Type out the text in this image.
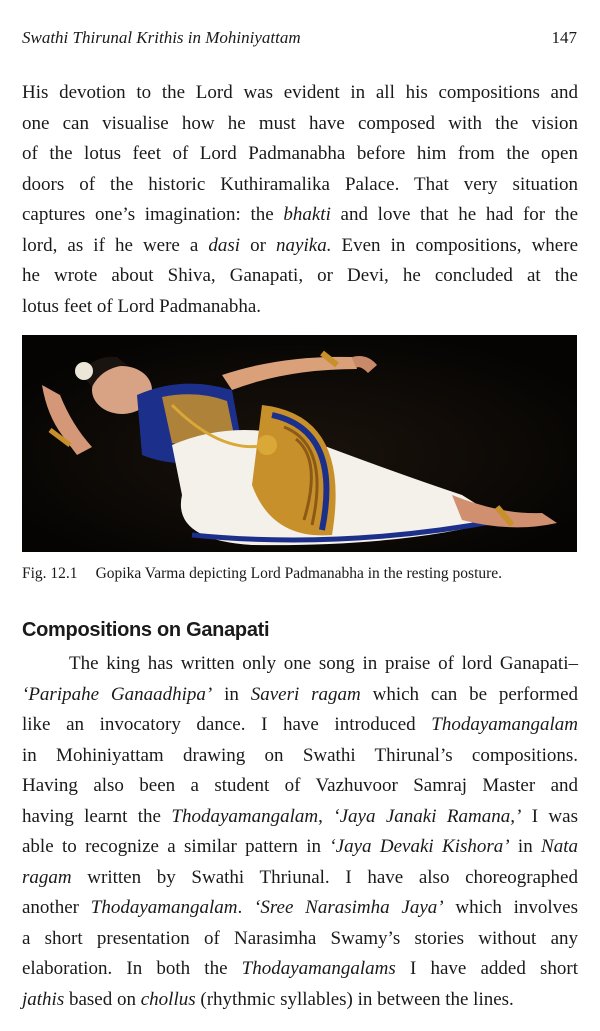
Swathi Thirunal Krithis in Mohiniyattam	147
His devotion to the Lord was evident in all his compositions and
one can visualise how he must have composed with the vision
of the lotus feet of Lord Padmanabha before him from the open
doors of the historic Kuthiramalika Palace. That very situation
captures one’s imagination: the bhakti and love that he had for the
lord, as if he were a dasi or nayika. Even in compositions, where
he wrote about Shiva, Ganapati, or Devi, he concluded at the
lotus feet of Lord Padmanabha.
Fig. 12.1 Gopika Varma depicting Lord Padmanabha in the resting posture.
Compositions on Ganapati
The king has written only one song in praise of lord Ganapati–
‘Paripahe Ganaadhipa’ in Saveri ragam which can be performed
like an invocatory dance. I have introduced Thodayamangalam
in Mohiniyattam drawing on Swathi Thirunal’s compositions.
Having also been a student of Vazhuvoor Samraj Master and
having learnt the Thodayamangalam, ‘Jaya Janaki Ramana,’ I was
able to recognize a similar pattern in ‘Jaya Devaki Kishora’ in Nata
ragam written by Swathi Thriunal. I have also choreographed
another Thodayamangalam. ‘Sree Narasimha Jaya’ which involves
a short presentation of Narasimha Swamy’s stories without any
elaboration. In both the Thodayamangalams I have added short
jathis based on chollus (rhythmic syllables) in between the lines.
